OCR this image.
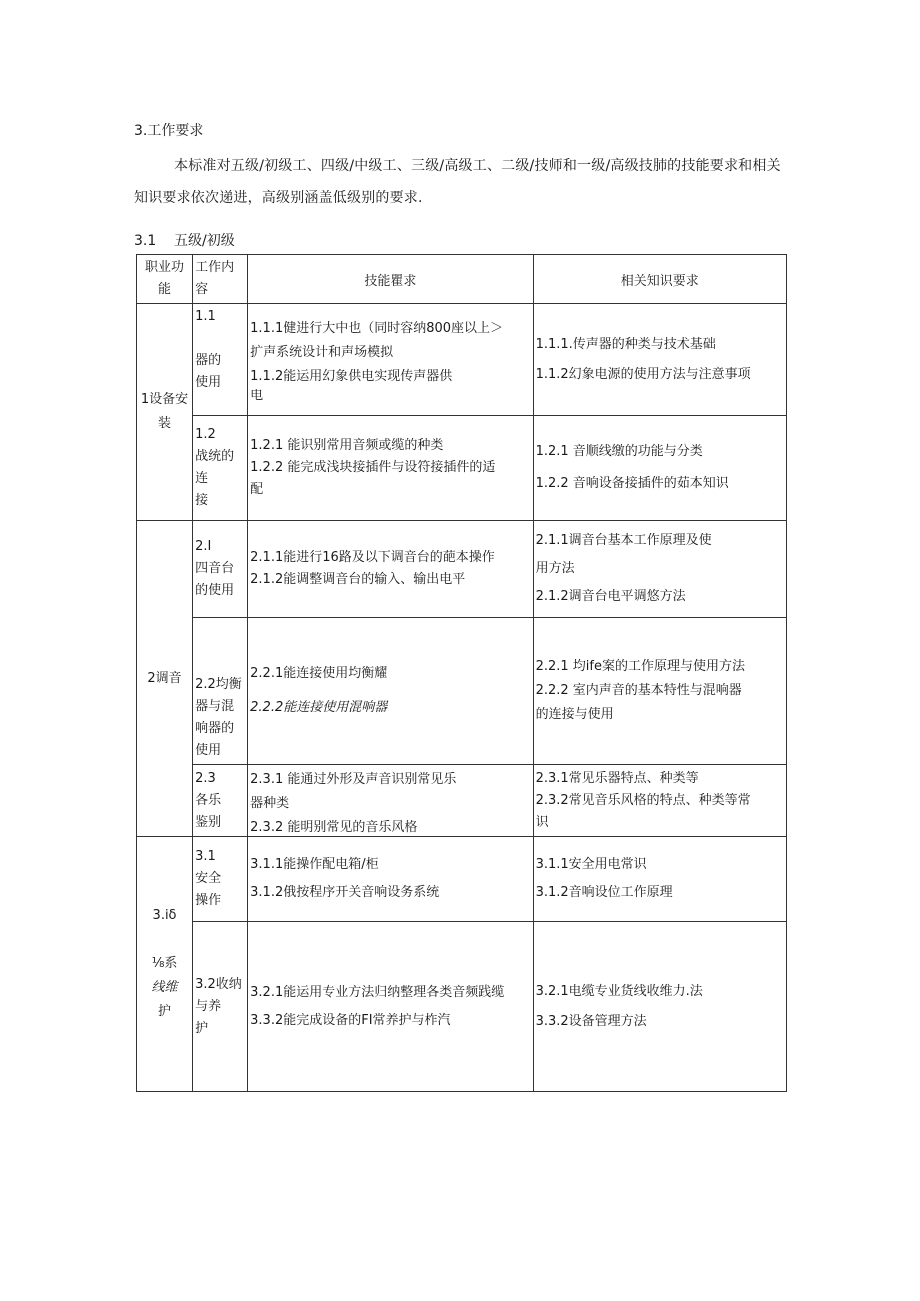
3.工作要求
本标准对五级/初级工、四级/中级工、三级/高级工、二级/技师和一级/高级技肺的技能要求和相关知识要求依次递进，高级别涵盖低级别的要求.
3.1 五级/初级
职业功
能	工作内
容	技能瞿求	相关知识要求

1设备安
装	1.1
器的
使用	1.1.1健进行大中也（同时容纳800座以上＞
扩声系统设计和声场模拟
1.1.2能运用幻象供电实现传声器供
电	1.1.1.传声器的种类与技术基础
1.1.2幻象电源的使用方法与注意事项

	1.2
战统的
连
接	1.2.1 能识别常用音频或缆的种类
1.2.2 能完成浅块接插件与设符接插件的适
配	1.2.1 音顺线缴的功能与分类
1.2.2 音响设备接插件的茹本知识

2调音	2.I
四音台
的使用	2.1.1能进行16路及以下调音台的葩本操作
2.1.2能调整调音台的输入、输出电平	2.1.1调音台基本工作原理及使
用方法
2.1.2调音台电平调悠方法

	2.2均衡
器与混
响器的
使用	2.2.1能连接使用均衡耀
2.2.2能连接使用混响器	2.2.1 均ife案的工作原理与使用方法
2.2.2 室内声音的基本特性与混响器
的连接与使用

	2.3
各乐
鉴别	2.3.1 能通过外形及声音识别常见乐
器种类
2.3.2 能明别常见的音乐风格	2.3.1常见乐器特点、种类等
2.3.2常见音乐风格的特点、种类等常
识

3.iδ
⅛系
线维
护	3.1
安全
操作	3.1.1能操作配电箱/柜
3.1.2俄按程序开关音响设务系统	3.1.1安全用电常识
3.1.2音响设位工作原理

	3.2收纳
与养
护	3.2.1能运用专业方法归纳整理各类音频践缆
3.3.2能完成设备的FI常养护与柞汽	3.2.1电缆专业货线收维力.法
3.3.2设备管理方法
